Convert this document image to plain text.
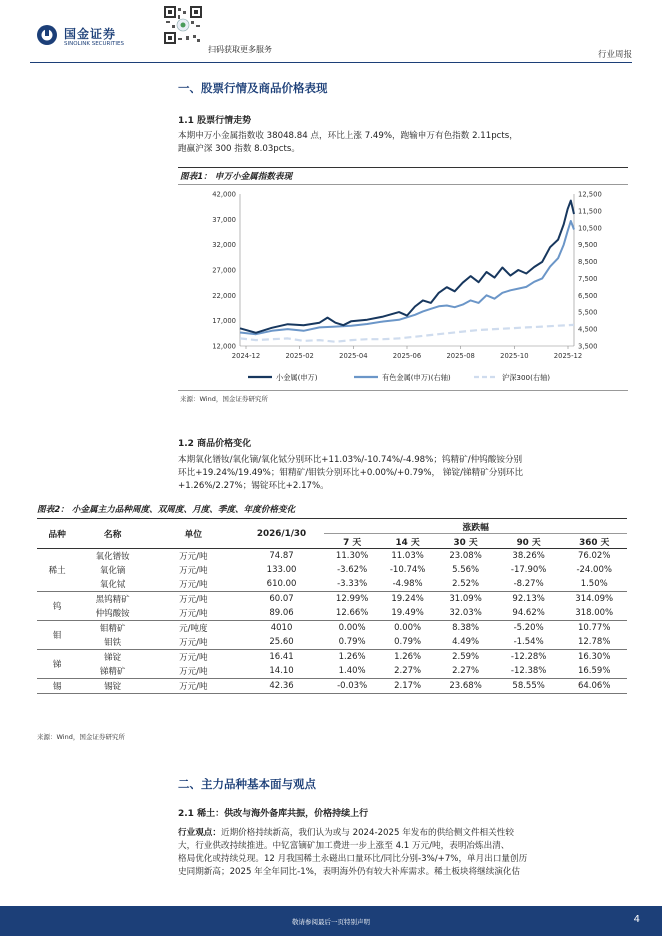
国金证券
SINOLINK SECURITIES
扫码获取更多服务
行业周报
一、股票行情及商品价格表现
1.1 股票行情走势
本期申万小金属指数收 38048.84 点，环比上涨 7.49%，跑输申万有色指数 2.11pcts，
跑赢沪深 300 指数 8.03pcts。
图表1： 申万小金属指数表现
42,000
37,000
32,000
27,000
22,000
17,000
12,000
12,500
11,500
10,500
9,500
8,500
7,500
6,500
5,500
4,500
3,500
2024-12	2025-02	2025-04	2025-06	2025-08	2025-10	2025-12
小金属(申万)	有色金属(申万)(右轴)	沪深300(右轴)
来源：Wind，国金证券研究所
1.2 商品价格变化
本期氧化镨钕/氧化镝/氧化铽分别环比+11.03%/-10.74%/-4.98%；钨精矿/仲钨酸铵分别
环比+19.24%/19.49%；钼精矿/钼铁分别环比+0.00%/+0.79%， 锑锭/锑精矿分别环比
+1.26%/2.27%；锡锭环比+2.17%。
图表2： 小金属主力品种周度、双周度、月度、季度、年度价格变化
品种	名称	单位	2026/1/30	涨跌幅				
				7 天	14 天	30 天	90 天	360 天
稀土	氧化镨钕	万元/吨	74.87	11.30%	11.03%	23.08%	38.26%	76.02%
	氧化镝	万元/吨	133.00	-3.62%	-10.74%	5.56%	-17.90%	-24.00%
	氧化铽	万元/吨	610.00	-3.33%	-4.98%	2.52%	-8.27%	1.50%
钨	黑钨精矿	万元/吨	60.07	12.99%	19.24%	31.09%	92.13%	314.09%
	仲钨酸铵	万元/吨	89.06	12.66%	19.49%	32.03%	94.62%	318.00%
钼	钼精矿	元/吨度	4010	0.00%	0.00%	8.38%	-5.20%	10.77%
	钼铁	万元/吨	25.60	0.79%	0.79%	4.49%	-1.54%	12.78%
锑	锑锭	万元/吨	16.41	1.26%	1.26%	2.59%	-12.28%	16.30%
	锑精矿	万元/吨	14.10	1.40%	2.27%	2.27%	-12.38%	16.59%
锡	锡锭	万元/吨	42.36	-0.03%	2.17%	23.68%	58.55%	64.06%
来源：Wind，国金证券研究所
二、主力品种基本面与观点
2.1 稀土：供改与海外备库共振，价格持续上行
行业观点：近期价格持续新高，我们认为或与 2024-2025 年发布的供给侧文件相关性较
大，行业供改持续推进。中钇富镝矿加工费进一步上涨至 4.1 万元/吨，表明冶炼出清、
格局优化或持续兑现。12 月我国稀土永磁出口量环比/同比分别-3%/+7%，单月出口量创历
史同期新高；2025 年全年同比-1%，表明海外仍有较大补库需求。稀土板块将继续演化估
敬请参阅最后一页特别声明	4
